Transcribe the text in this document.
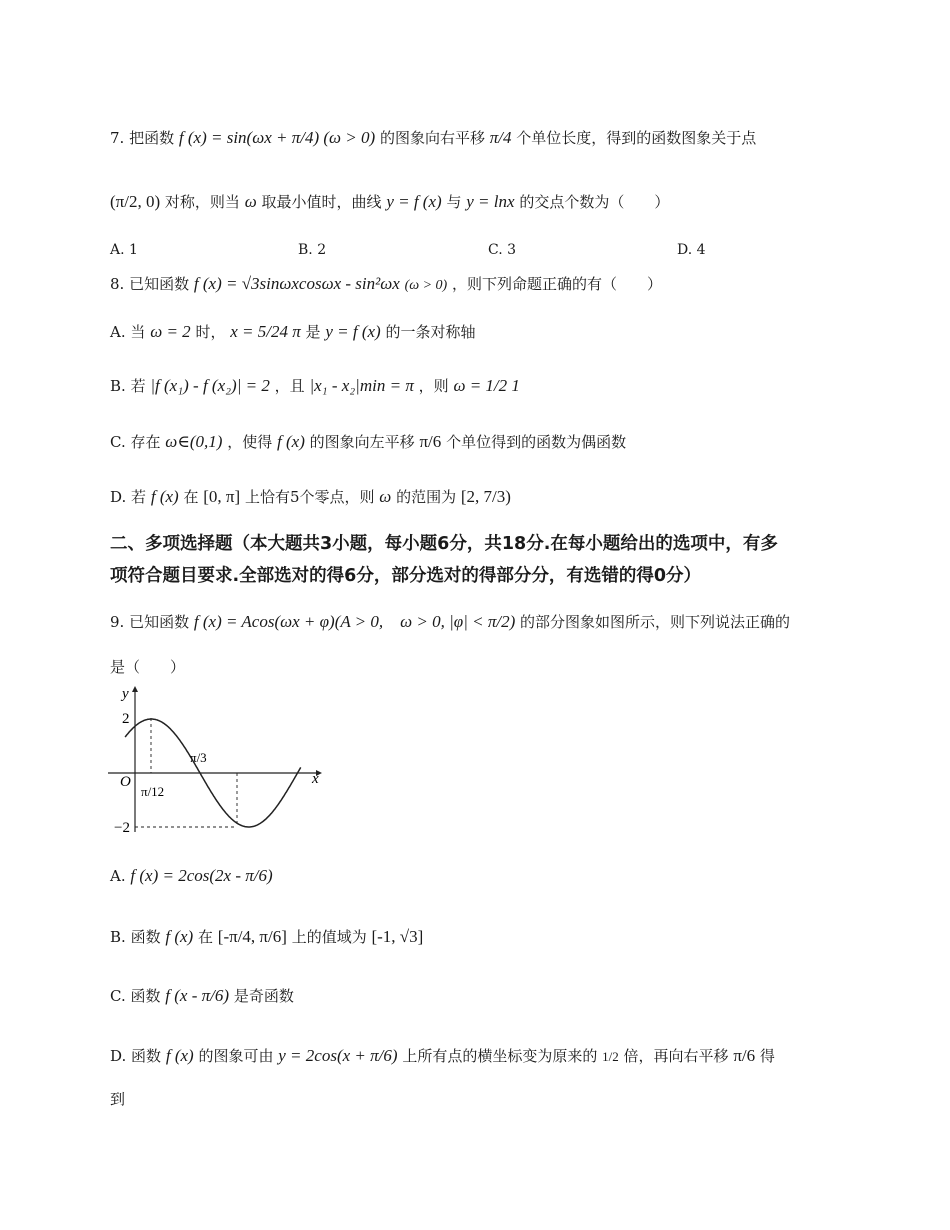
7. 把函数 f (x) = sin(ωx + π/4) (ω > 0) 的图象向右平移 π/4 个单位长度，得到的函数图象关于点
(π/2, 0) 对称，则当 ω 取最小值时，曲线 y = f (x) 与 y = lnx 的交点个数为（　　）
A. 1	B. 2	C. 3	D. 4
8. 已知函数 f (x) = √3sinωxcosωx - sin²ωx (ω > 0) ，则下列命题正确的有（　　）
A. 当 ω = 2 时， x = 5/24 π 是 y = f (x) 的一条对称轴
B. 若 |f (x₁) - f (x₂)| = 2 ，且 |x₁ - x₂|min = π ，则 ω = 1/2 1
C. 存在 ω∈(0,1) ，使得 f (x) 的图象向左平移 π/6 个单位得到的函数为偶函数
D. 若 f (x) 在 [0, π] 上恰有5个零点，则 ω 的范围为 [2, 7/3)
二、多项选择题（本大题共3小题，每小题6分，共18分.在每小题给出的选项中，有多
项符合题目要求.全部选对的得6分，部分选对的得部分分，有选错的得0分）
9. 已知函数 f (x) = Acos(ωx + φ)(A > 0,　ω > 0, |φ| < π/2) 的部分图象如图所示，则下列说法正确的
是（　　）
y
x
O
2
−2
π/12
π/3
A. f (x) = 2cos(2x - π/6)
B. 函数 f (x) 在 [-π/4, π/6] 上的值域为 [-1, √3]
C. 函数 f (x - π/6) 是奇函数
D. 函数 f (x) 的图象可由 y = 2cos(x + π/6) 上所有点的横坐标变为原来的 1/2 倍，再向右平移 π/6 得
到
